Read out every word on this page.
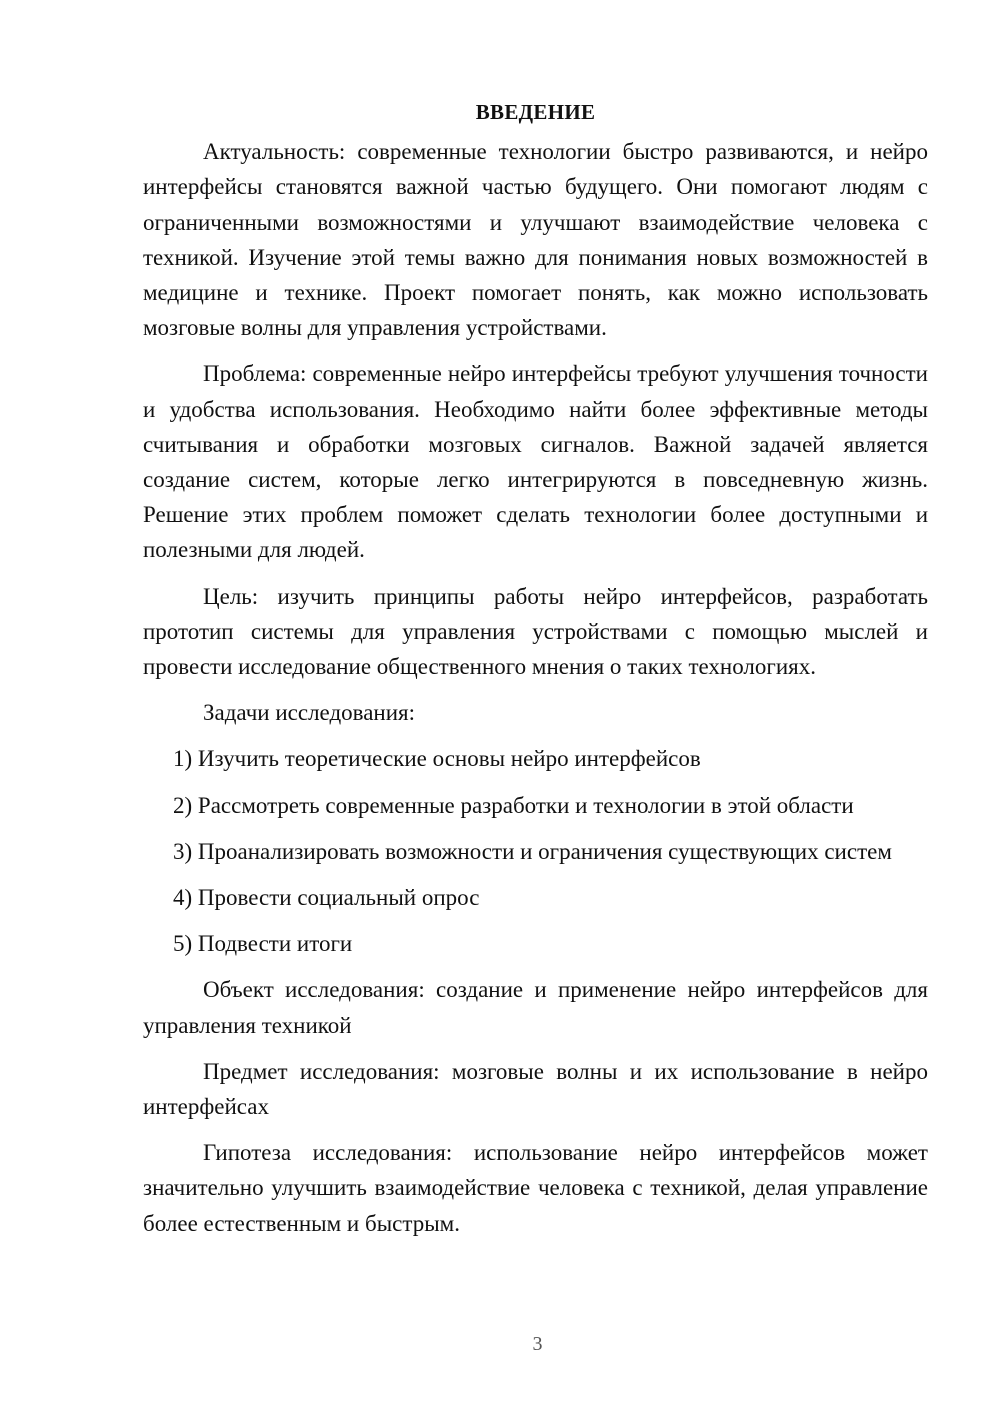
ВВЕДЕНИЕ

Актуальность: современные технологии быстро развиваются, и нейро интерфейсы становятся важной частью будущего. Они помогают людям с ограниченными возможностями и улучшают взаимодействие человека с техникой. Изучение этой темы важно для понимания новых возможностей в медицине и технике. Проект помогает понять, как можно использовать мозговые волны для управления устройствами.

Проблема: современные нейро интерфейсы требуют улучшения точности и удобства использования. Необходимо найти более эффективные методы считывания и обработки мозговых сигналов. Важной задачей является создание систем, которые легко интегрируются в повседневную жизнь. Решение этих проблем поможет сделать технологии более доступными и полезными для людей.

Цель: изучить принципы работы нейро интерфейсов, разработать прототип системы для управления устройствами с помощью мыслей и провести исследование общественного мнения о таких технологиях.

Задачи исследования:

1) Изучить теоретические основы нейро интерфейсов

2) Рассмотреть современные разработки и технологии в этой области

3) Проанализировать возможности и ограничения существующих систем

4) Провести социальный опрос

5) Подвести итоги

Объект исследования: создание и применение нейро интерфейсов для управления техникой

Предмет исследования: мозговые волны и их использование в нейро интерфейсах

Гипотеза исследования: использование нейро интерфейсов может значительно улучшить взаимодействие человека с техникой, делая управление более естественным и быстрым.

3
